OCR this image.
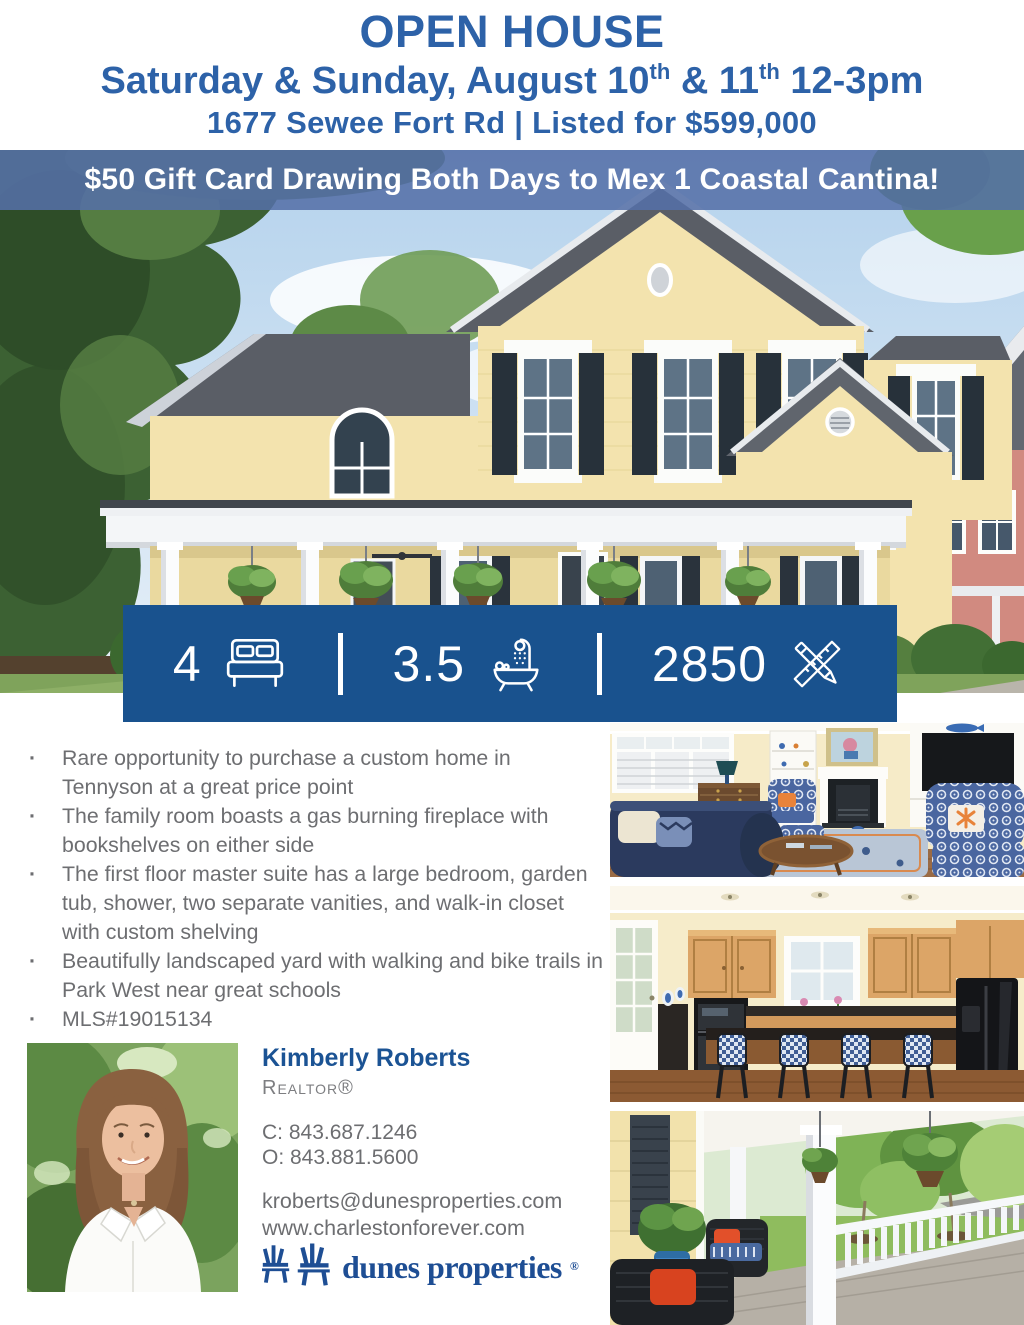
OPEN HOUSE
Saturday & Sunday, August 10th & 11th 12-3pm
1677 Sewee Fort Rd | Listed for $599,000
$50 Gift Card Drawing Both Days to Mex 1 Coastal Cantina!
4	3.5	2850
· Rare opportunity to purchase a custom home in Tennyson at a great price point
· The family room boasts a gas burning fireplace with bookshelves on either side
· The first floor master suite has a large bedroom, garden tub, shower, two separate vanities, and walk-in closet with custom shelving
· Beautifully landscaped yard with walking and bike trails in Park West near great schools
· MLS#19015134
Kimberly Roberts
Realtor®
C: 843.687.1246
O: 843.881.5600
kroberts@dunesproperties.com
www.charlestonforever.com
dunes properties ®
